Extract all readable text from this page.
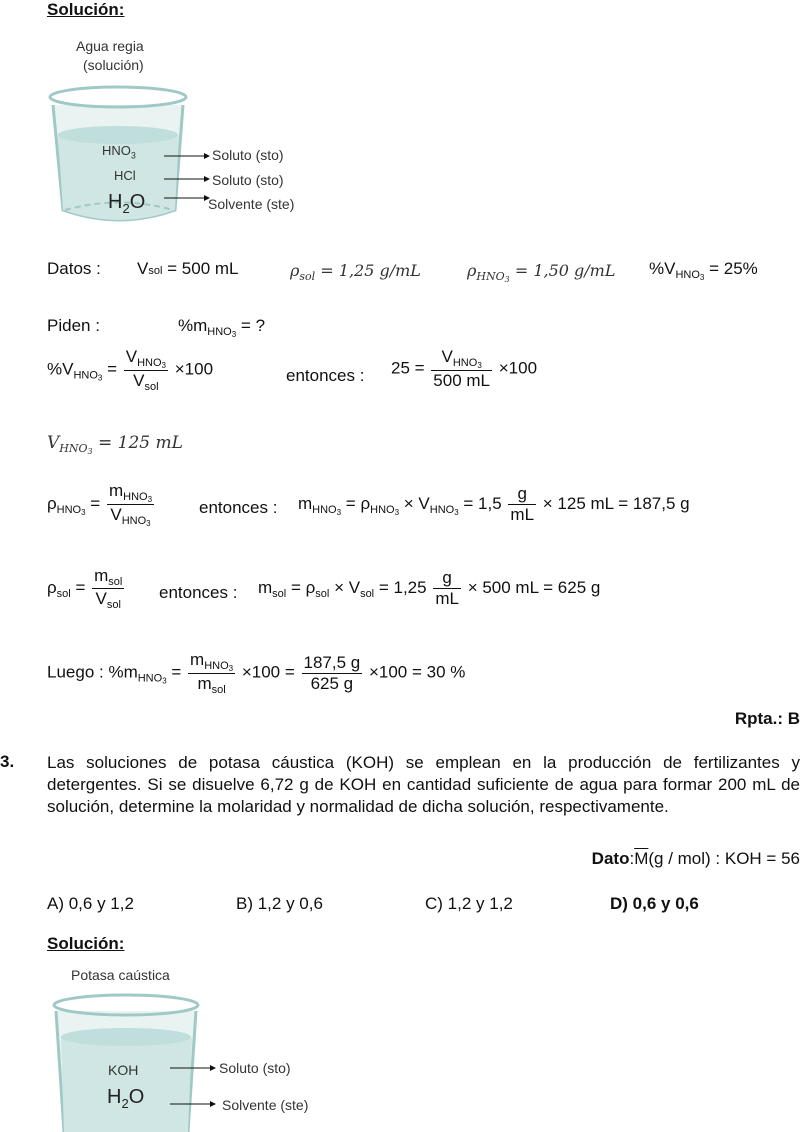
Solución:
Agua regia
(solución)
$HNO_3$
HCl
$H_2O$
Soluto (sto)
Soluto (sto)
Solvente (ste)
Datos : Vsol = 500 mL	$\rho_{sol} = 1,25$ g/mL	$\rho_{HNO3} = 1,50$ g/mL $\%V_{HNO3} = 25\%$
Piden :	$\%m_{HNO3}$ = ?
$\%V_{HNO3} = \frac{V_{HNO3}}{V_{sol}} \times 100$	entonces : $25 = \frac{V_{HNO3}}{500 mL} \times 100$
$V_{HNO3} = 125$ mL
$\rho_{HNO3} = \frac{m_{HNO3}}{V_{HNO3}}$	entonces : $m_{HNO3} = \rho_{HNO3} \times V_{HNO3} = 1,5 \frac{g}{mL} \times 125$ mL = 187,5 g
$\rho_{sol} = \frac{m_{sol}}{V_{sol}}$ entonces : $m_{sol} = \rho_{sol} \times V_{sol} = 1,25 \frac{g}{mL} \times 500$ mL = 625 g
Luego : $\%m_{HNO3} = \frac{m_{HNO3}}{m_{sol}} \times 100 = \frac{187,5 g}{625 g} \times 100 = 30$ %
Rpta.: B
3. Las soluciones de potasa cáustica (KOH) se emplean en la producción de fertilizantes y detergentes. Si se disuelve 6,72 g de KOH en cantidad suficiente de agua para formar 200 mL de solución, determine la molaridad y normalidad de dicha solución, respectivamente.
$Dato:\overline{M}(g / mol)$ : KOH = 56
A) 0,6 y 1,2	B) 1,2 y 0,6	C) 1,2 y 1,2	D) 0,6 y 0,6
Solución:
Potasa caústica
KOH
$H_2O$
Soluto (sto)
Solvente (ste)
